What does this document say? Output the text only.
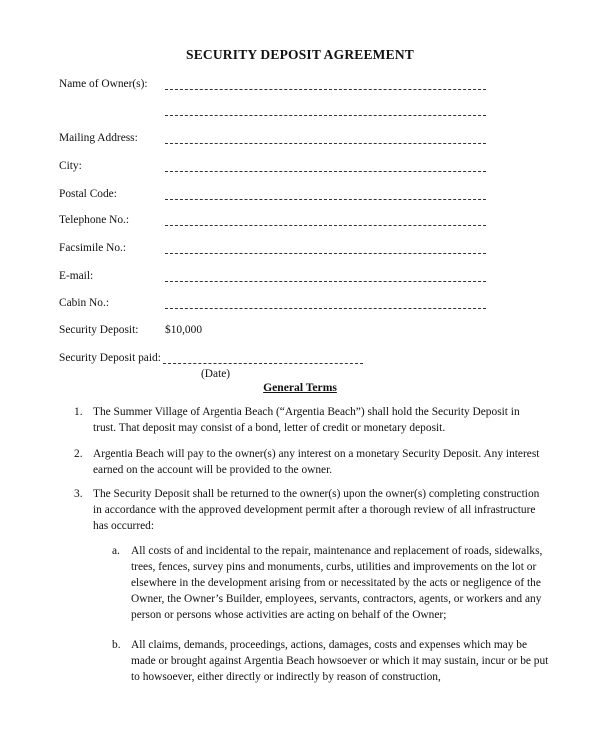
SECURITY DEPOSIT AGREEMENT
Name of Owner(s):
Mailing Address:
City:
Postal Code:
Telephone No.:
Facsimile No.:
E-mail:
Cabin No.:
Security Deposit: $10,000
Security Deposit paid:
(Date)
General Terms
1. The Summer Village of Argentia Beach (“Argentia Beach”) shall hold the Security Deposit in trust. That deposit may consist of a bond, letter of credit or monetary deposit.
2. Argentia Beach will pay to the owner(s) any interest on a monetary Security Deposit. Any interest earned on the account will be provided to the owner.
3. The Security Deposit shall be returned to the owner(s) upon the owner(s) completing construction in accordance with the approved development permit after a thorough review of all infrastructure has occurred:
a. All costs of and incidental to the repair, maintenance and replacement of roads, sidewalks, trees, fences, survey pins and monuments, curbs, utilities and improvements on the lot or elsewhere in the development arising from or necessitated by the acts or negligence of the Owner, the Owner’s Builder, employees, servants, contractors, agents, or workers and any person or persons whose activities are acting on behalf of the Owner;
b. All claims, demands, proceedings, actions, damages, costs and expenses which may be made or brought against Argentia Beach howsoever or which it may sustain, incur or be put to howsoever, either directly or indirectly by reason of construction,
